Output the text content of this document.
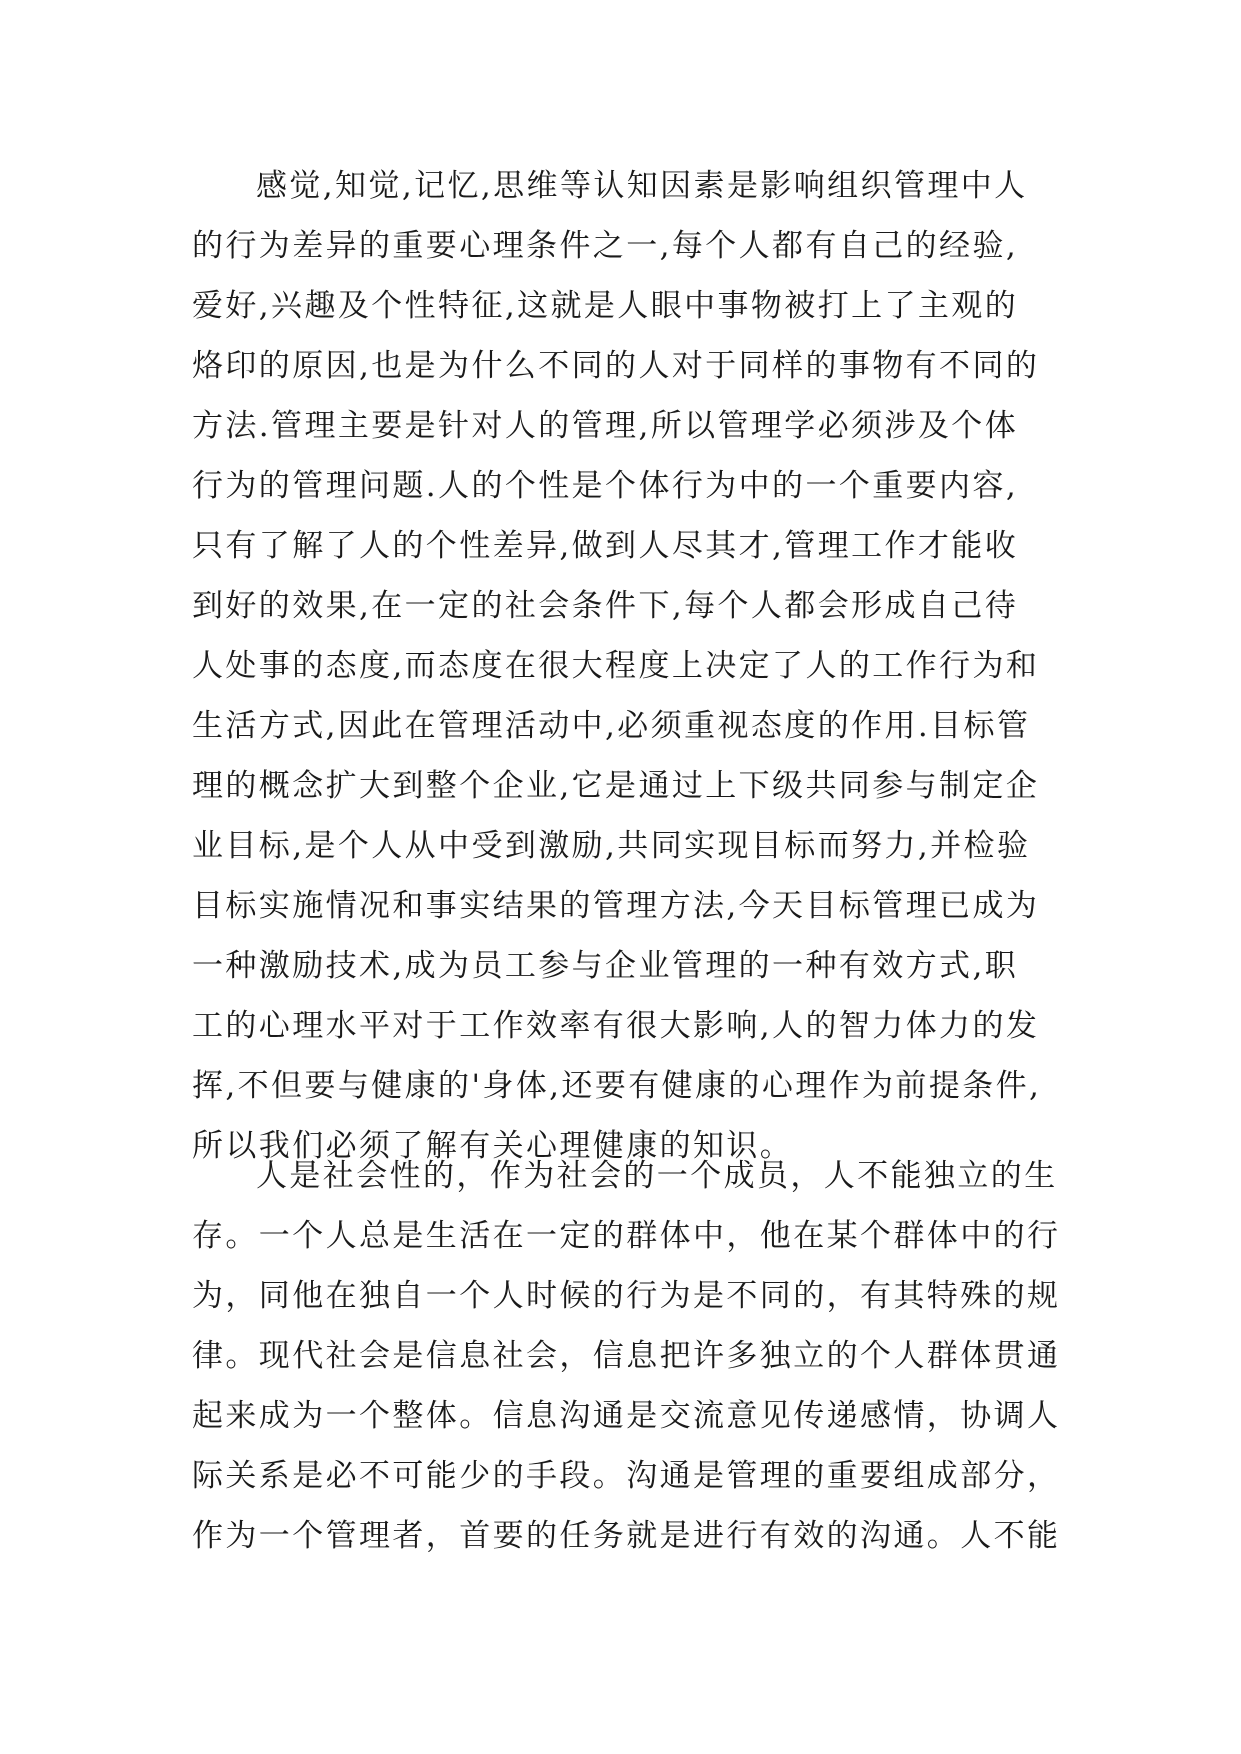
感觉,知觉,记忆,思维等认知因素是影响组织管理中人
的行为差异的重要心理条件之一,每个人都有自己的经验,
爱好,兴趣及个性特征,这就是人眼中事物被打上了主观的
烙印的原因,也是为什么不同的人对于同样的事物有不同的
方法.管理主要是针对人的管理,所以管理学必须涉及个体
行为的管理问题.人的个性是个体行为中的一个重要内容,
只有了解了人的个性差异,做到人尽其才,管理工作才能收
到好的效果,在一定的社会条件下,每个人都会形成自己待
人处事的态度,而态度在很大程度上决定了人的工作行为和
生活方式,因此在管理活动中,必须重视态度的作用.目标管
理的概念扩大到整个企业,它是通过上下级共同参与制定企
业目标,是个人从中受到激励,共同实现目标而努力,并检验
目标实施情况和事实结果的管理方法,今天目标管理已成为
一种激励技术,成为员工参与企业管理的一种有效方式,职
工的心理水平对于工作效率有很大影响,人的智力体力的发
挥,不但要与健康的'身体,还要有健康的心理作为前提条件,
所以我们必须了解有关心理健康的知识。
人是社会性的，作为社会的一个成员，人不能独立的生
存。一个人总是生活在一定的群体中，他在某个群体中的行
为，同他在独自一个人时候的行为是不同的，有其特殊的规
律。现代社会是信息社会，信息把许多独立的个人群体贯通
起来成为一个整体。信息沟通是交流意见传递感情，协调人
际关系是必不可能少的手段。沟通是管理的重要组成部分，
作为一个管理者，首要的任务就是进行有效的沟通。人不能
